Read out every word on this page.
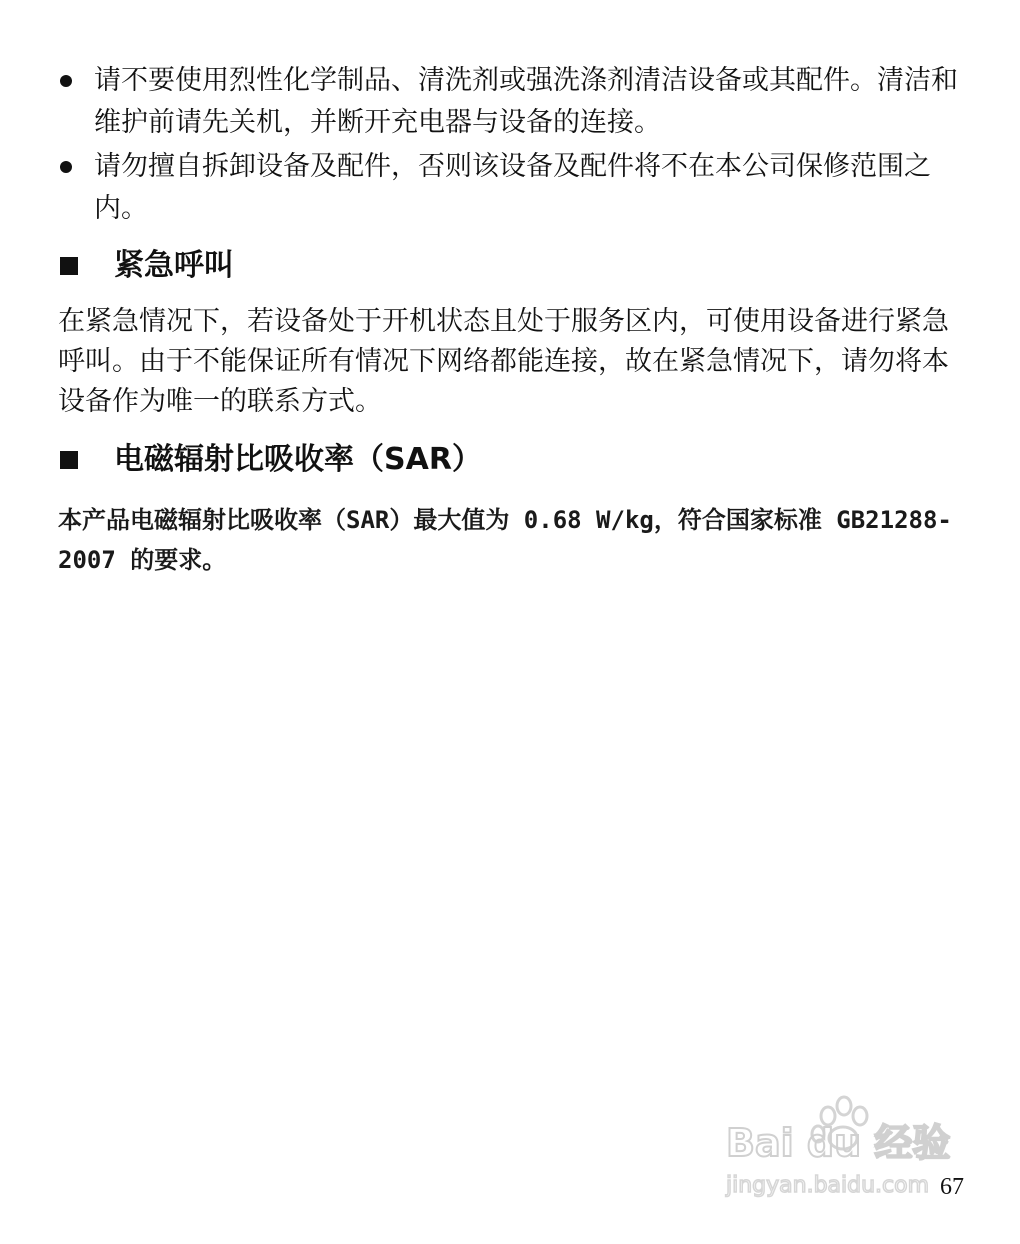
请不要使用烈性化学制品、清洗剂或强洗涤剂清洁设备或其配件。清洁和维护前请先关机，并断开充电器与设备的连接。
请勿擅自拆卸设备及配件，否则该设备及配件将不在本公司保修范围之内。
紧急呼叫

在紧急情况下，若设备处于开机状态且处于服务区内，可使用设备进行紧急呼叫。由于不能保证所有情况下网络都能连接，故在紧急情况下，请勿将本设备作为唯一的联系方式。

电磁辐射比吸收率（SAR）

本产品电磁辐射比吸收率（SAR）最大值为 0.68 W/kg，符合国家标准 GB21288-2007 的要求。

Bai du 经验
jingyan.baidu.com 67
